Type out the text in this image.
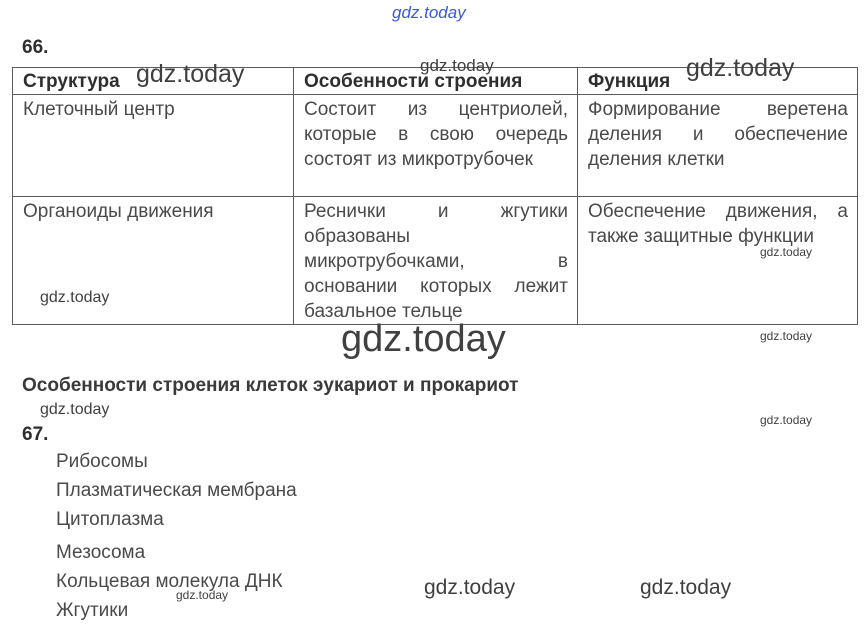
gdz.today
66.
Структура	Особенности строения	Функция
Клеточный центр	Состоит из центриолей, которые в свою очередь состоят из микротрубочек	Формирование веретена деления и обеспечение деления клетки
Органоиды движения	Реснички и жгутики образованы микротрубочками, в основании которых лежит базальное тельце	Обеспечение движения, а также защитные функции
gdz.today	gdz.today	gdz.today
gdz.today
gdz.today
gdz.today	gdz.today
Особенности строения клеток эукариот и прокариот
gdz.today
gdz.today
67.
Рибосомы
Плазматическая мембрана
Цитоплазма
Мезосома
Кольцевая молекула ДНК
Жгутики
gdz.today	gdz.today	gdz.today
